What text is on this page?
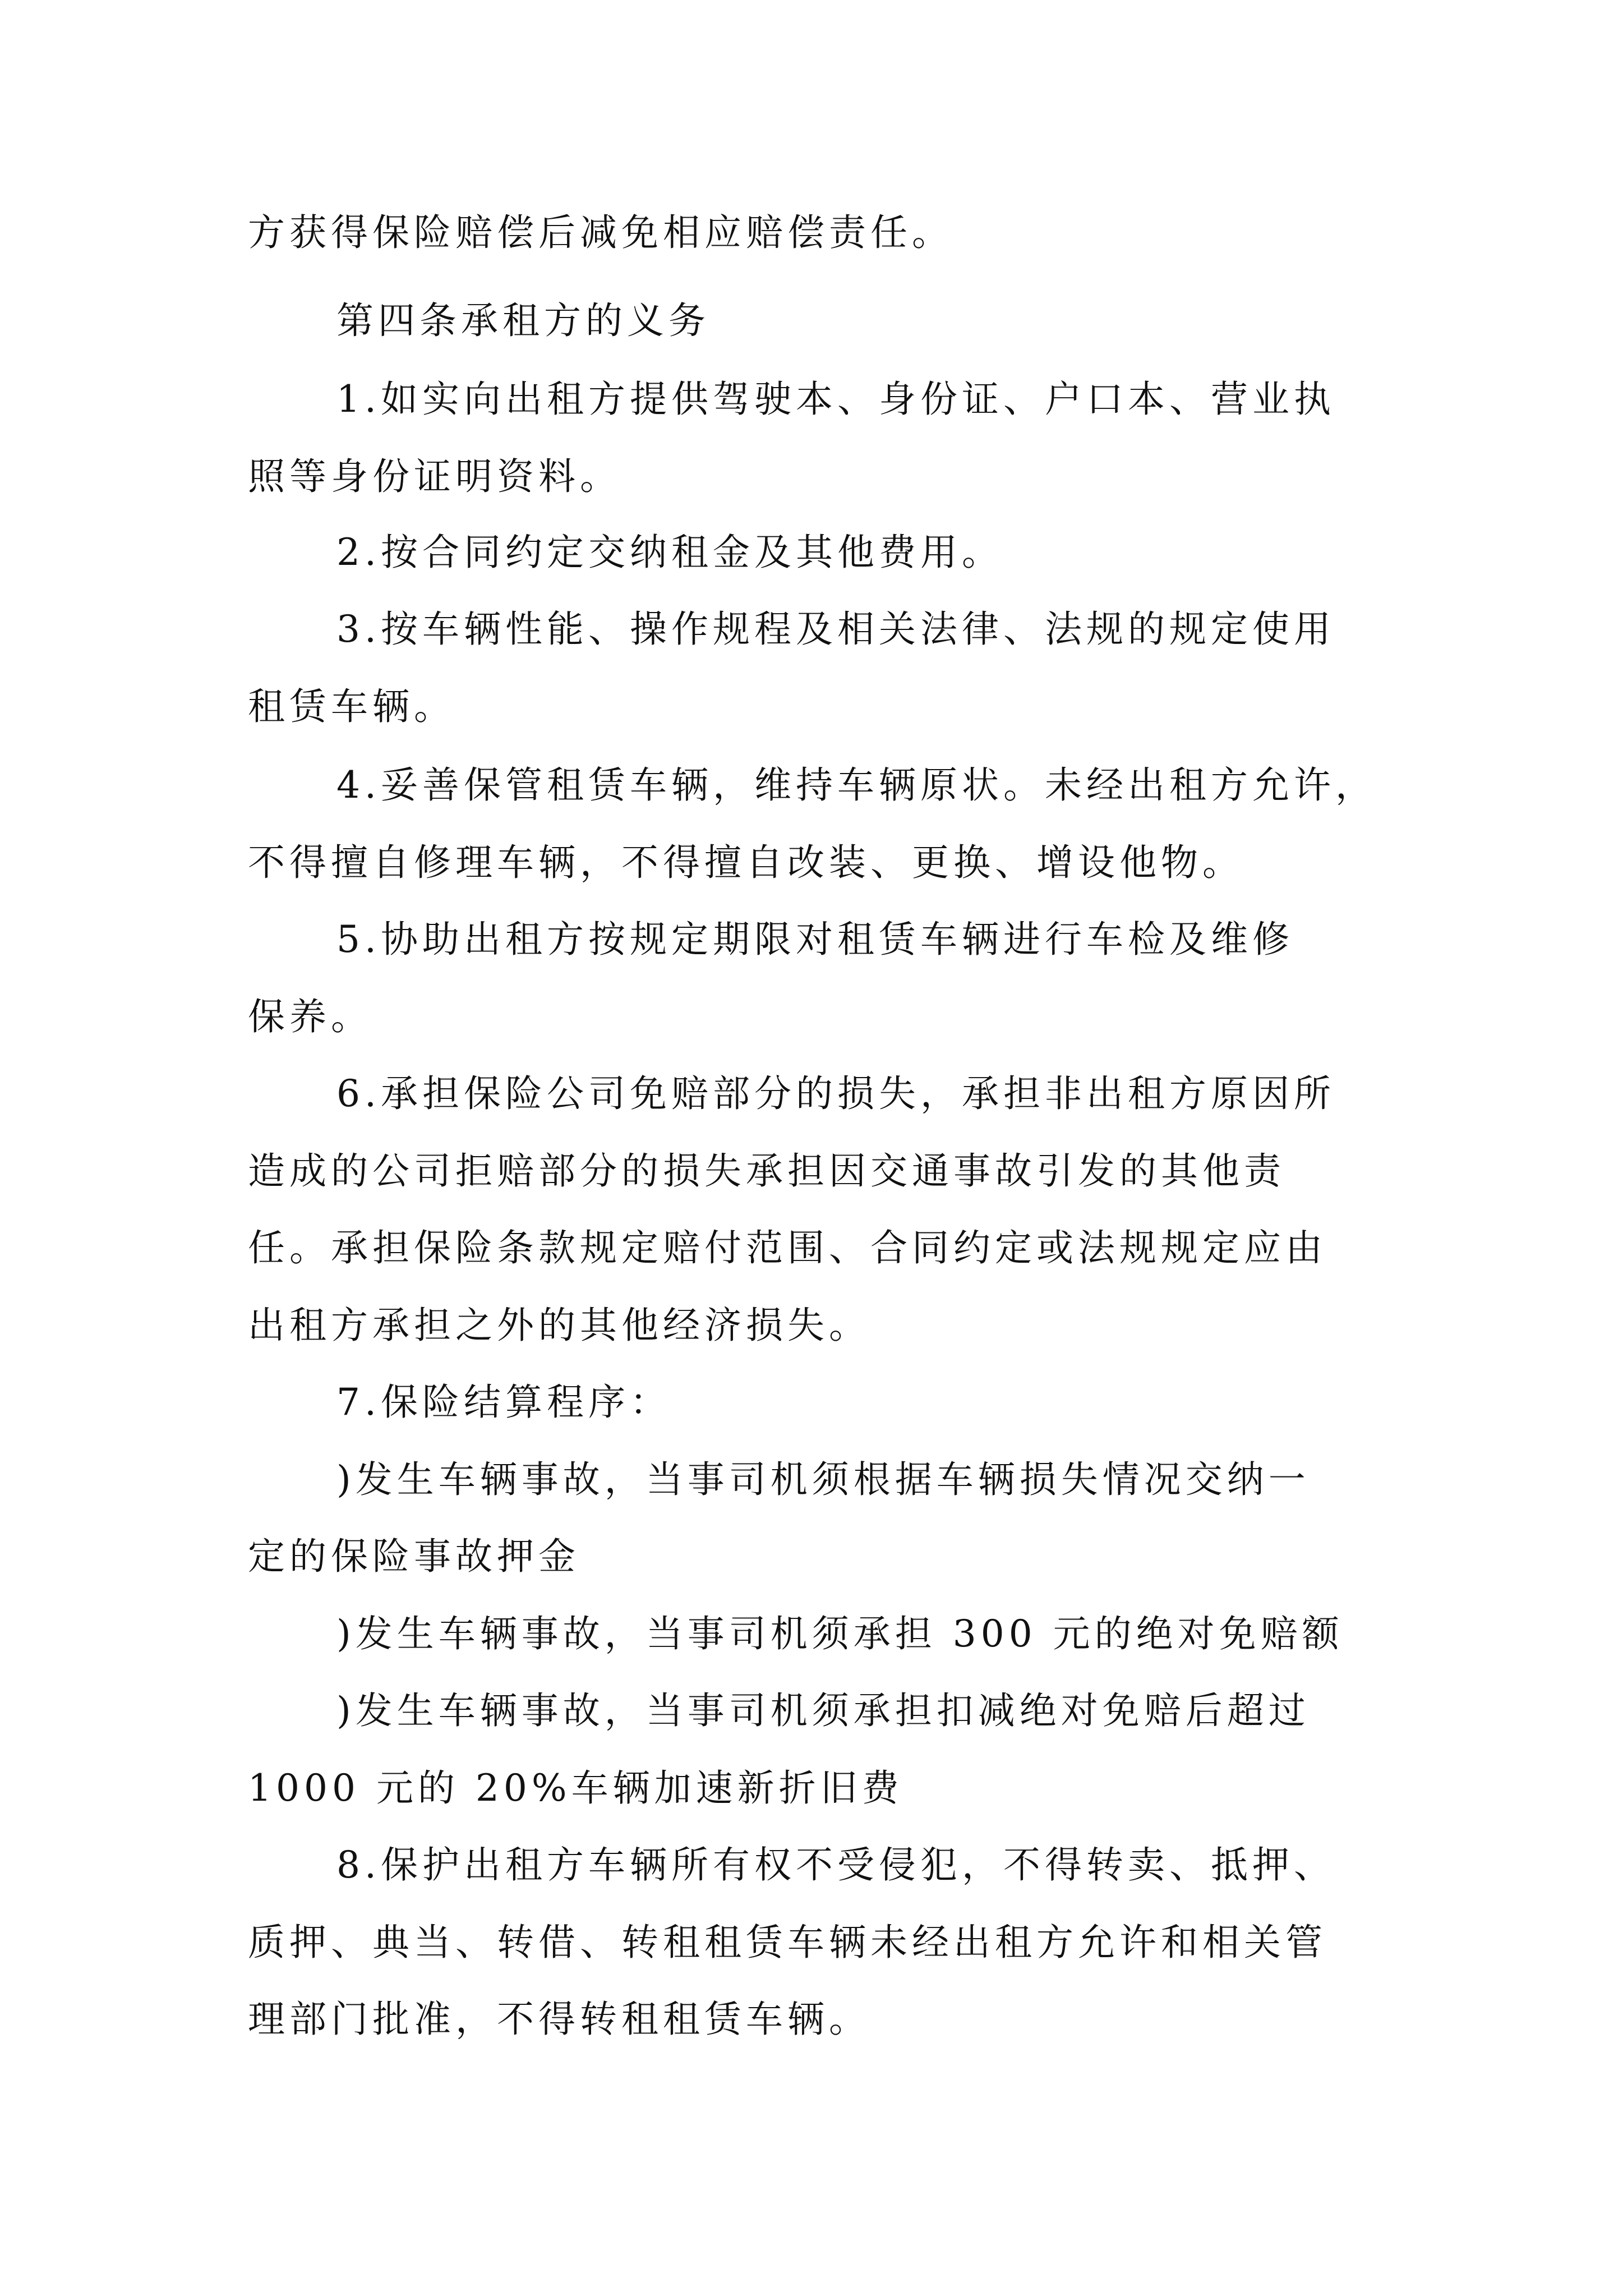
方获得保险赔偿后减免相应赔偿责任。
第四条承租方的义务
1.如实向出租方提供驾驶本、身份证、户口本、营业执
照等身份证明资料。
2.按合同约定交纳租金及其他费用。
3.按车辆性能、操作规程及相关法律、法规的规定使用
租赁车辆。
4.妥善保管租赁车辆，维持车辆原状。未经出租方允许，
不得擅自修理车辆，不得擅自改装、更换、增设他物。
5.协助出租方按规定期限对租赁车辆进行车检及维修
保养。
6.承担保险公司免赔部分的损失，承担非出租方原因所
造成的公司拒赔部分的损失承担因交通事故引发的其他责
任。承担保险条款规定赔付范围、合同约定或法规规定应由
出租方承担之外的其他经济损失。
7.保险结算程序：
)发生车辆事故，当事司机须根据车辆损失情况交纳一
定的保险事故押金
)发生车辆事故，当事司机须承担 300 元的绝对免赔额
)发生车辆事故，当事司机须承担扣减绝对免赔后超过
1000 元的 20%车辆加速新折旧费
8.保护出租方车辆所有权不受侵犯，不得转卖、抵押、
质押、典当、转借、转租租赁车辆未经出租方允许和相关管
理部门批准，不得转租租赁车辆。
